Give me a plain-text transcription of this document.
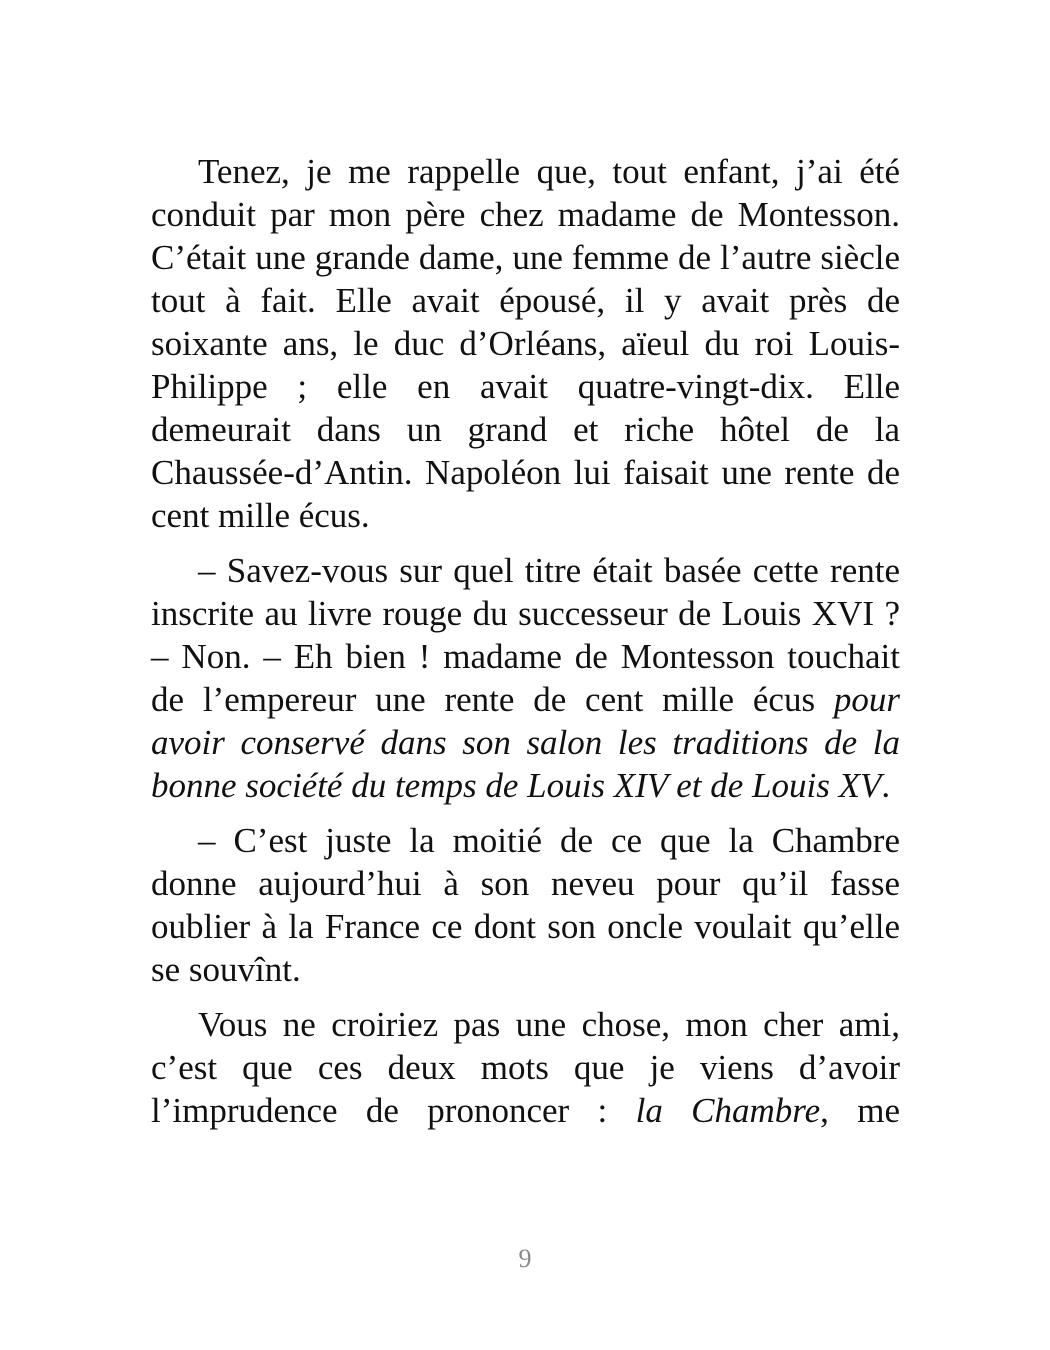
Tenez, je me rappelle que, tout enfant, j’ai été conduit par mon père chez madame de Montesson. C’était une grande dame, une femme de l’autre siècle tout à fait. Elle avait épousé, il y avait près de soixante ans, le duc d’Orléans, aïeul du roi Louis-Philippe ; elle en avait quatre-vingt-dix. Elle demeurait dans un grand et riche hôtel de la Chaussée-d’Antin. Napoléon lui faisait une rente de cent mille écus.

– Savez-vous sur quel titre était basée cette rente inscrite au livre rouge du successeur de Louis XVI ? – Non. – Eh bien ! madame de Montesson touchait de l’empereur une rente de cent mille écus pour avoir conservé dans son salon les traditions de la bonne société du temps de Louis XIV et de Louis XV.

– C’est juste la moitié de ce que la Chambre donne aujourd’hui à son neveu pour qu’il fasse oublier à la France ce dont son oncle voulait qu’elle se souvînt.

Vous ne croiriez pas une chose, mon cher ami, c’est que ces deux mots que je viens d’avoir l’imprudence de prononcer : la Chambre, me

9
